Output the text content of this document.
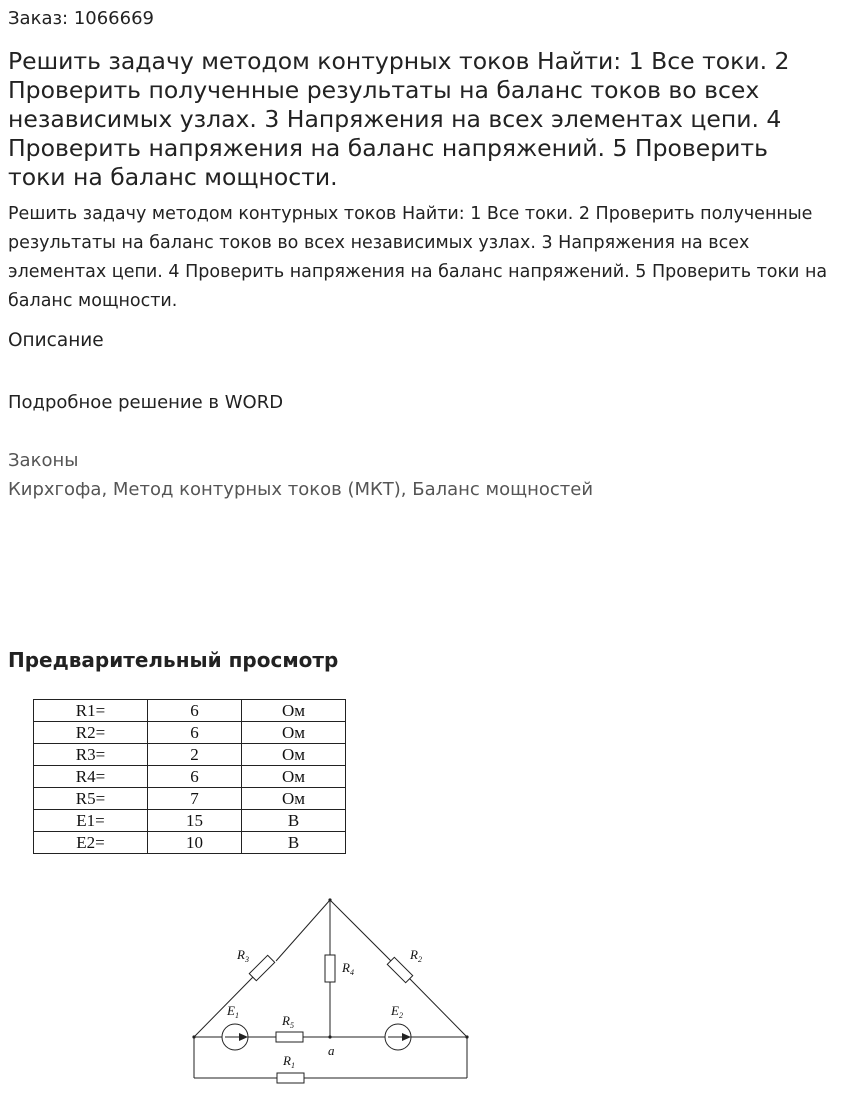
Заказ: 1066669
Решить задачу методом контурных токов Найти: 1 Все токи. 2 Проверить полученные результаты на баланс токов во всех независимых узлах. 3 Напряжения на всех элементах цепи. 4 Проверить напряжения на баланс напряжений. 5 Проверить токи на баланс мощности.

Решить задачу методом контурных токов Найти: 1 Все токи. 2 Проверить полученные результаты на баланс токов во всех независимых узлах. 3 Напряжения на всех элементах цепи. 4 Проверить напряжения на баланс напряжений. 5 Проверить токи на баланс мощности.

Описание
Подробное решение в WORD
Законы
Кирхгофа, Метод контурных токов (МКТ), Баланс мощностей
Предварительный просмотр
R1=	6	Ом
R2=	6	Ом
R3=	2	Ом
R4=	6	Ом
R5=	7	Ом
E1=	15	В
E2=	10	В
$R_3$
$R_4$
$R_2$
$E_1$	$E_2$
$R_5$
$R_1$
a
